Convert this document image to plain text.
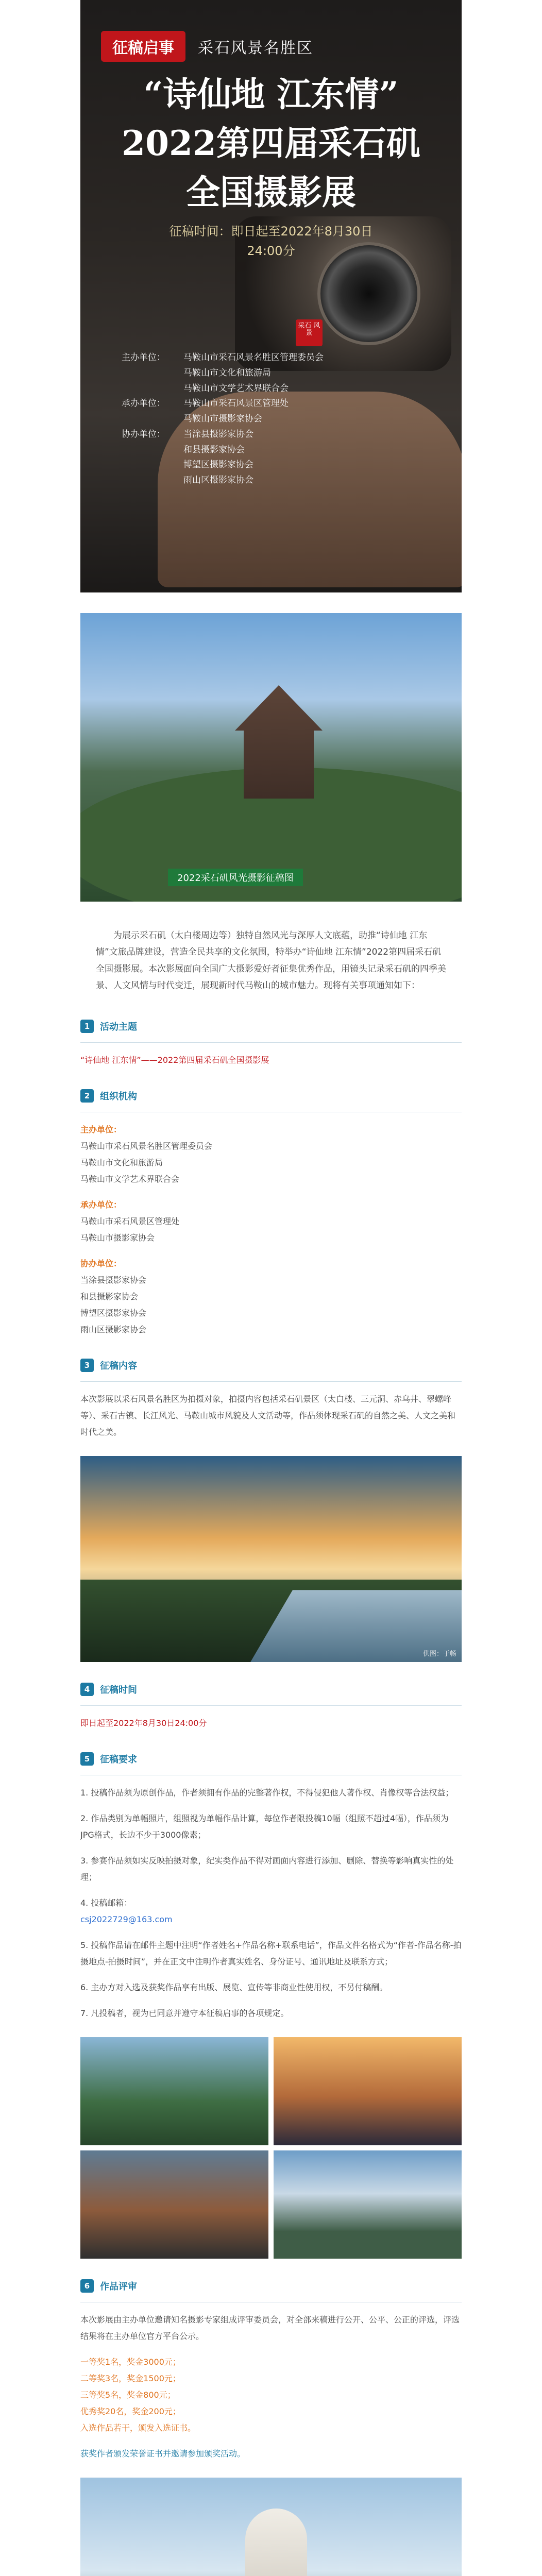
征稿启事	采石风景名胜区
“诗仙地 江东情”
2022第四届采石矶
全国摄影展
征稿时间：即日起至2022年8月30日
24:00分
采石 风景
主办单位：	马鞍山市采石风景名胜区管理委员会
马鞍山市文化和旅游局
马鞍山市文学艺术界联合会
承办单位：	马鞍山市采石风景区管理处
马鞍山市摄影家协会
协办单位：	当涂县摄影家协会
和县摄影家协会
博望区摄影家协会
雨山区摄影家协会
2022采石矶风光摄影征稿图

为展示采石矶（太白楼周边等）独特自然风光与深厚人文底蕴，助推“诗仙地 江东情”文旅品牌建设，营造全民共享的文化氛围，特举办“诗仙地 江东情”2022第四届采石矶全国摄影展。本次影展面向全国广大摄影爱好者征集优秀作品，用镜头记录采石矶的四季美景、人文风情与时代变迁，展现新时代马鞍山的城市魅力。现将有关事项通知如下：

1	活动主题

“诗仙地 江东情”——2022第四届采石矶全国摄影展

2	组织机构

主办单位：

马鞍山市采石风景名胜区管理委员会

马鞍山市文化和旅游局

马鞍山市文学艺术界联合会

承办单位：

马鞍山市采石风景区管理处

马鞍山市摄影家协会

协办单位：

当涂县摄影家协会

和县摄影家协会

博望区摄影家协会

雨山区摄影家协会

3	征稿内容

本次影展以采石风景名胜区为拍摄对象，拍摄内容包括采石矶景区（太白楼、三元洞、赤乌井、翠螺峰等）、采石古镇、长江风光、马鞍山城市风貌及人文活动等，作品须体现采石矶的自然之美、人文之美和时代之美。

供图：于畅
4	征稿时间

即日起至2022年8月30日24:00分

5	征稿要求

1. 投稿作品须为原创作品，作者须拥有作品的完整著作权，不得侵犯他人著作权、肖像权等合法权益；

2. 作品类别为单幅照片，组照视为单幅作品计算，每位作者限投稿10幅（组照不超过4幅），作品须为JPG格式，长边不少于3000像素；

3. 参赛作品须如实反映拍摄对象，纪实类作品不得对画面内容进行添加、删除、替换等影响真实性的处理；

4. 投稿邮箱：

csj2022729@163.com

5. 投稿作品请在邮件主题中注明“作者姓名+作品名称+联系电话”，作品文件名格式为“作者-作品名称-拍摄地点-拍摄时间”，并在正文中注明作者真实姓名、身份证号、通讯地址及联系方式；

6. 主办方对入选及获奖作品享有出版、展览、宣传等非商业性使用权，不另付稿酬。

7. 凡投稿者，视为已同意并遵守本征稿启事的各项规定。

6	作品评审

本次影展由主办单位邀请知名摄影专家组成评审委员会，对全部来稿进行公开、公平、公正的评选，评选结果将在主办单位官方平台公示。

一等奖1名，奖金3000元；

二等奖3名，奖金1500元；

三等奖5名，奖金800元；

优秀奖20名，奖金200元；

入选作品若干，颁发入选证书。

获奖作者颁发荣誉证书并邀请参加颁奖活动。
